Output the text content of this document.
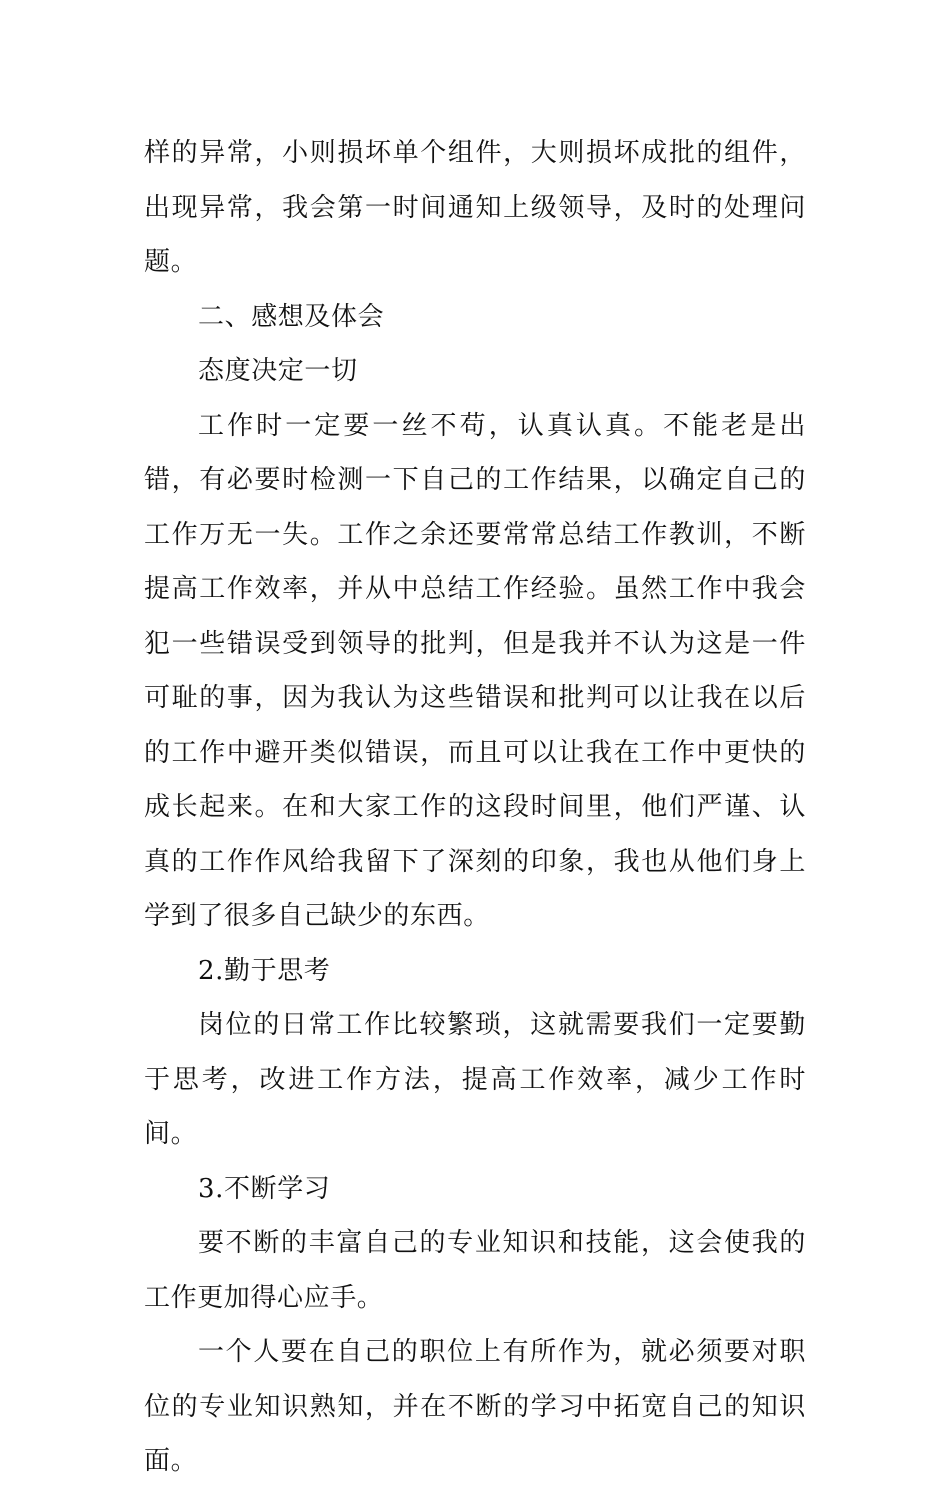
样的异常，小则损坏单个组件，大则损坏成批的组件，出现异常，我会第一时间通知上级领导，及时的处理问题。

二、感想及体会

态度决定一切

工作时一定要一丝不苟，认真认真。不能老是出错，有必要时检测一下自己的工作结果，以确定自己的工作万无一失。工作之余还要常常总结工作教训，不断提高工作效率，并从中总结工作经验。虽然工作中我会犯一些错误受到领导的批判，但是我并不认为这是一件可耻的事，因为我认为这些错误和批判可以让我在以后的工作中避开类似错误，而且可以让我在工作中更快的成长起来。在和大家工作的这段时间里，他们严谨、认真的工作作风给我留下了深刻的印象，我也从他们身上学到了很多自己缺少的东西。

2.勤于思考

岗位的日常工作比较繁琐，这就需要我们一定要勤于思考，改进工作方法，提高工作效率，减少工作时间。

3.不断学习

要不断的丰富自己的专业知识和技能，这会使我的工作更加得心应手。

一个人要在自己的职位上有所作为，就必须要对职位的专业知识熟知，并在不断的学习中拓宽自己的知识面。
